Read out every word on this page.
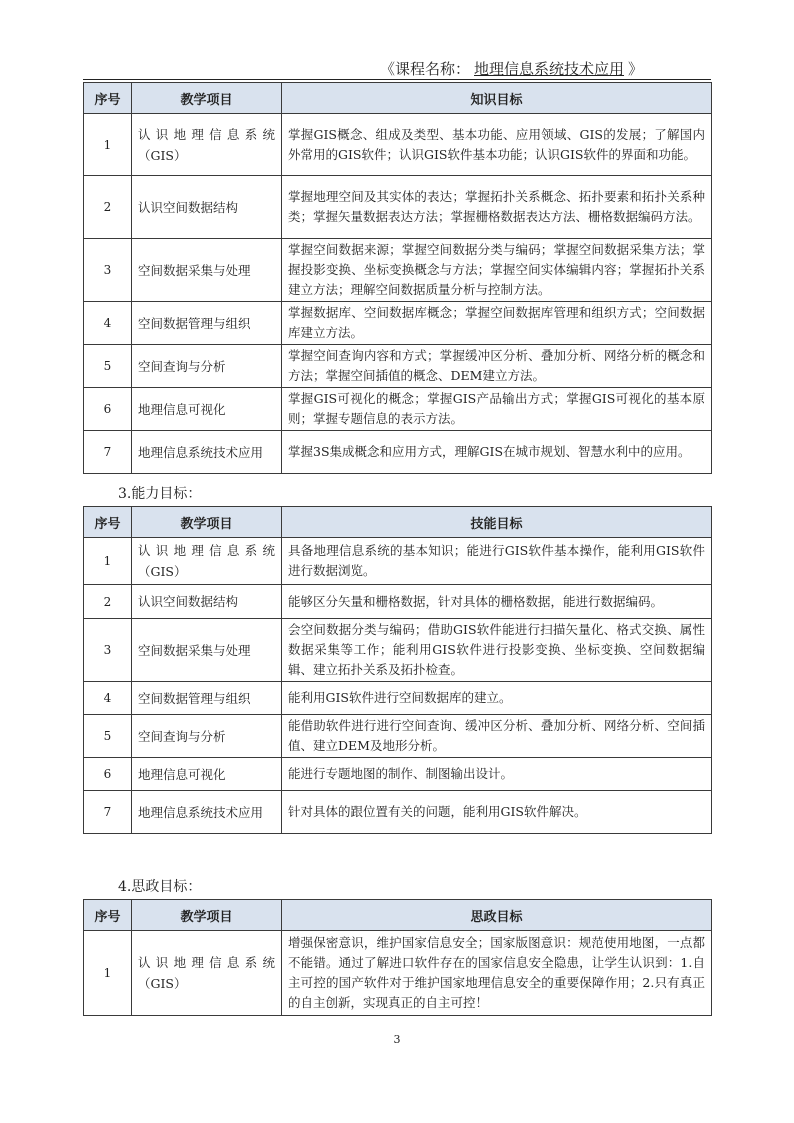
《课程名称： 地理信息系统技术应用 》
序号	教学项目	知识目标
1	认识地理信息系统（GIS）	掌握GIS概念、组成及类型、基本功能、应用领域、GIS的发展；了解国内外常用的GIS软件；认识GIS软件基本功能；认识GIS软件的界面和功能。
2	认识空间数据结构	掌握地理空间及其实体的表达；掌握拓扑关系概念、拓扑要素和拓扑关系种类；掌握矢量数据表达方法；掌握栅格数据表达方法、栅格数据编码方法。
3	空间数据采集与处理	掌握空间数据来源；掌握空间数据分类与编码；掌握空间数据采集方法；掌握投影变换、坐标变换概念与方法；掌握空间实体编辑内容；掌握拓扑关系建立方法；理解空间数据质量分析与控制方法。
4	空间数据管理与组织	掌握数据库、空间数据库概念；掌握空间数据库管理和组织方式；空间数据库建立方法。
5	空间查询与分析	掌握空间查询内容和方式；掌握缓冲区分析、叠加分析、网络分析的概念和方法；掌握空间插值的概念、DEM建立方法。
6	地理信息可视化	掌握GIS可视化的概念；掌握GIS产品输出方式；掌握GIS可视化的基本原则；掌握专题信息的表示方法。
7	地理信息系统技术应用	掌握3S集成概念和应用方式，理解GIS在城市规划、智慧水利中的应用。
3.能力目标：
序号	教学项目	技能目标
1	认识地理信息系统（GIS）	具备地理信息系统的基本知识；能进行GIS软件基本操作，能利用GIS软件进行数据浏览。
2	认识空间数据结构	能够区分矢量和栅格数据，针对具体的栅格数据，能进行数据编码。
3	空间数据采集与处理	会空间数据分类与编码；借助GIS软件能进行扫描矢量化、格式交换、属性数据采集等工作；能利用GIS软件进行投影变换、坐标变换、空间数据编辑、建立拓扑关系及拓扑检查。
4	空间数据管理与组织	能利用GIS软件进行空间数据库的建立。
5	空间查询与分析	能借助软件进行进行空间查询、缓冲区分析、叠加分析、网络分析、空间插值、建立DEM及地形分析。
6	地理信息可视化	能进行专题地图的制作、制图输出设计。
7	地理信息系统技术应用	针对具体的跟位置有关的问题，能利用GIS软件解决。
4.思政目标：
序号	教学项目	思政目标
1	认识地理信息系统（GIS）	增强保密意识，维护国家信息安全；国家版图意识：规范使用地图，一点都不能错。通过了解进口软件存在的国家信息安全隐患，让学生认识到：1.自主可控的国产软件对于维护国家地理信息安全的重要保障作用；2.只有真正的自主创新，实现真正的自主可控！
3
